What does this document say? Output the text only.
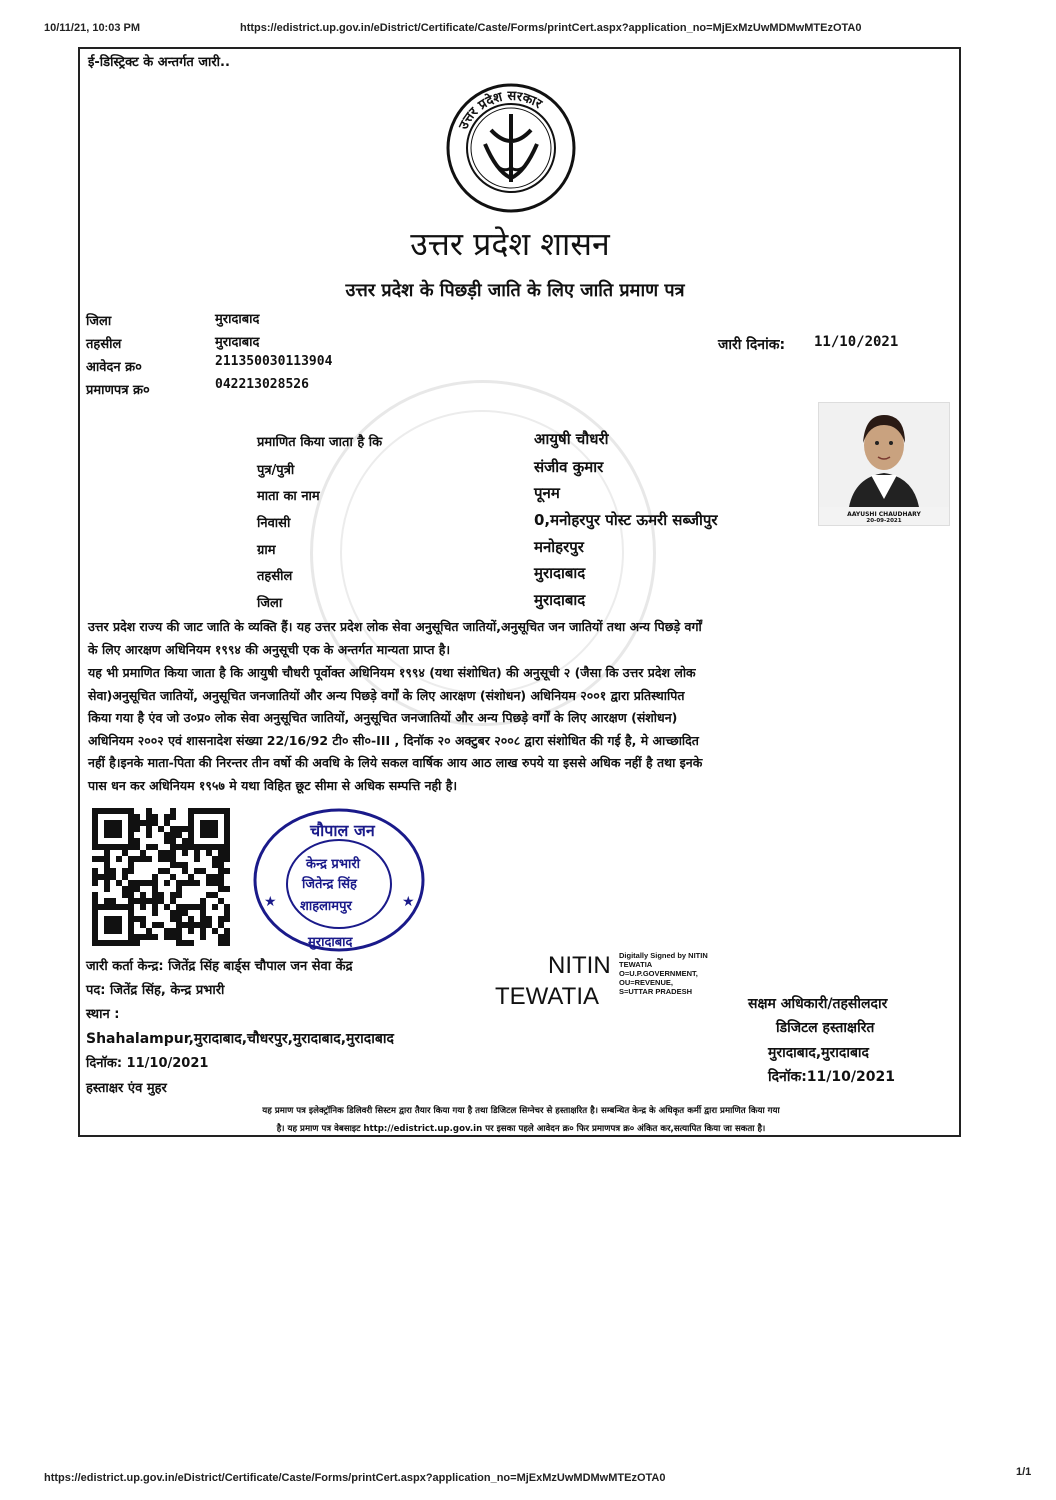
10/11/21, 10:03 PM	https://edistrict.up.gov.in/eDistrict/Certificate/Caste/Forms/printCert.aspx?application_no=MjExMzUwMDMwMTEzOTA0
ई-डिस्ट्रिक्ट के अन्तर्गत जारी..
उत्तर प्रदेश सरकार
उत्तर प्रदेश शासन
उत्तर प्रदेश के पिछड़ी जाति के लिए जाति प्रमाण पत्र
जिला	मुरादाबाद
तहसील	मुरादाबाद
आवेदन क्र०	211350030113904
प्रमाणपत्र क्र०	042213028526
जारी दिनांक: 11/10/2021
AAYUSHI CHAUDHARY
20-09-2021
प्रमाणित किया जाता है कि	आयुषी चौधरी
पुत्र/पुत्री	संजीव कुमार
माता का नाम	पूनम
निवासी	0,मनोहरपुर पोस्ट ऊमरी सब्जीपुर
ग्राम	मनोहरपुर
तहसील	मुरादाबाद
जिला	मुरादाबाद
उत्तर प्रदेश राज्य की जाट जाति के व्यक्ति हैं। यह उत्तर प्रदेश लोक सेवा अनुसूचित जातियों,अनुसूचित जन जातियों तथा अन्य पिछड़े वर्गों
के लिए आरक्षण अधिनियम १९९४ की अनुसूची एक के अन्तर्गत मान्यता प्राप्त है।
यह भी प्रमाणित किया जाता है कि आयुषी चौधरी पूर्वोक्त अधिनियम १९९४ (यथा संशोधित) की अनुसूची २ (जैसा कि उत्तर प्रदेश लोक
सेवा)अनुसूचित जातियों, अनुसूचित जनजातियों और अन्य पिछड़े वर्गों के लिए आरक्षण (संशोधन) अधिनियम २००१ द्वारा प्रतिस्थापित
किया गया है एंव जो उ०प्र० लोक सेवा अनुसूचित जातियों, अनुसूचित जनजातियों और अन्य पिछड़े वर्गों के लिए आरक्षण (संशोधन)
अधिनियम २००२ एवं शासनादेश संख्या 22/16/92 टी० सी०-III , दिनॉक २० अक्टुबर २००८ द्वारा संशोधित की गई है, मे आच्छादित
नहीं है।इनके माता-पिता की निरन्तर तीन वर्षो की अवधि के लिये सकल वार्षिक आय आठ लाख रुपये या इससे अधिक नहीं है तथा इनके
पास धन कर अधिनियम १९५७ मे यथा विहित छूट सीमा से अधिक सम्पत्ति नही है।
★	★
चौपाल जन
केन्द्र प्रभारी
जितेन्द्र सिंह
शाहलामपुर
मुरादाबाद
जारी कर्ता केन्द्र: जितेंद्र सिंह बार्ड्स चौपाल जन सेवा केंद्र
पद: जितेंद्र सिंह, केन्द्र प्रभारी
स्थान :
Shahalampur,मुरादाबाद,चौधरपुर,मुरादाबाद,मुरादाबाद
दिनॉक: 11/10/2021
हस्ताक्षर एंव मुहर
NITIN
TEWATIA
Digitally Signed by NITIN
TEWATIA
O=U.P.GOVERNMENT,
OU=REVENUE,
S=UTTAR PRADESH
सक्षम अधिकारी/तहसीलदार
डिजिटल हस्ताक्षरित
मुरादाबाद,मुरादाबाद
दिनॉक:11/10/2021
यह प्रमाण पत्र इलेक्ट्रॉनिक डिलिवरी सिस्टम द्वारा तैयार किया गया है तथा डिजिटल सिग्नेचर से हस्ताक्षरित है। सम्बन्धित केन्द्र के अधिकृत कर्मी द्वारा प्रमाणित किया गया
है। यह प्रमाण पत्र वेबसाइट http://edistrict.up.gov.in पर इसका पहले आवेदन क्र० फिर प्रमाणपत्र क्र० अंकित कर,सत्यापित किया जा सकता है।
https://edistrict.up.gov.in/eDistrict/Certificate/Caste/Forms/printCert.aspx?application_no=MjExMzUwMDMwMTEzOTA0	1/1
